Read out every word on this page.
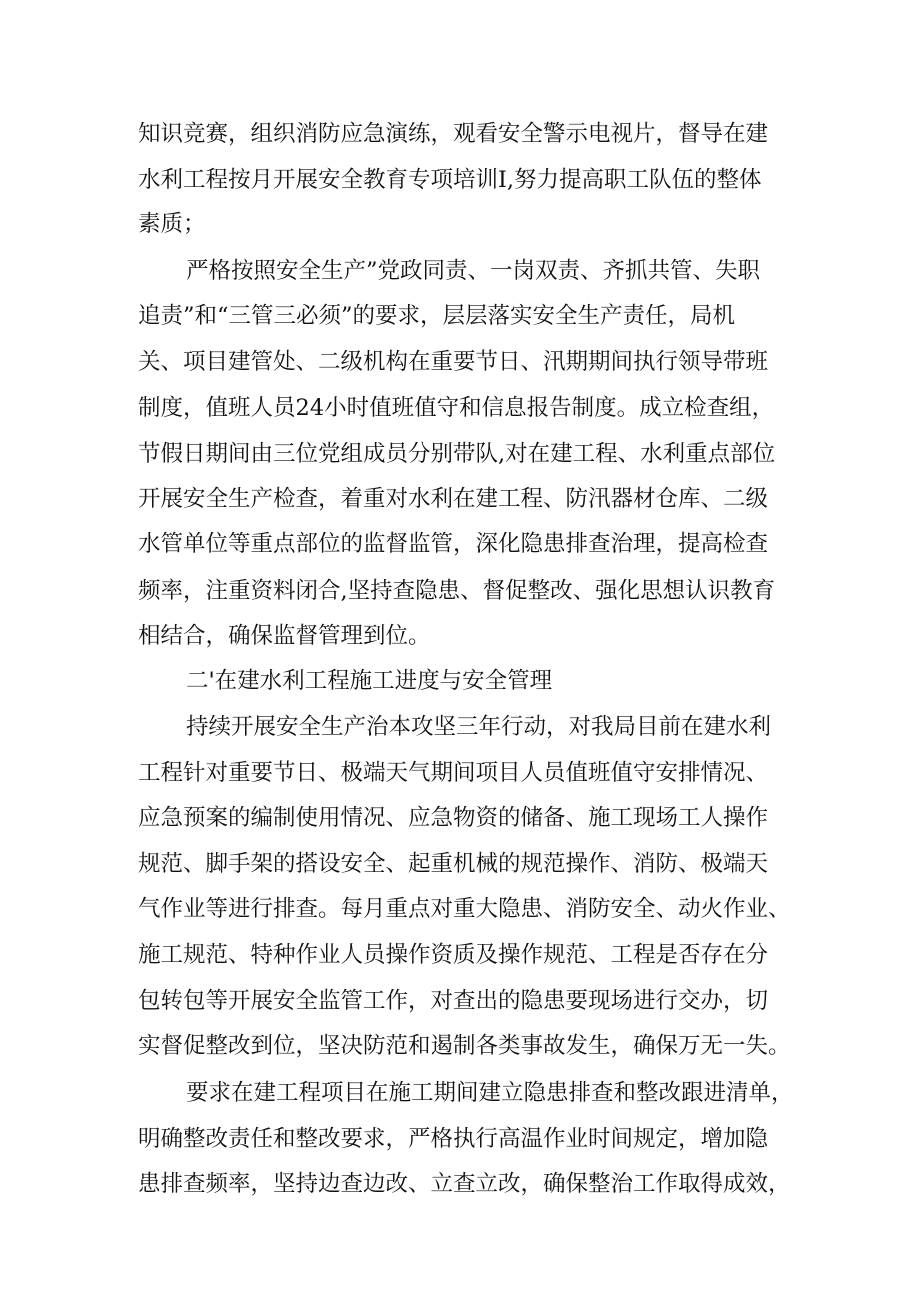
知识竞赛，组织消防应急演练，观看安全警示电视片，督导在建

水利工程按月开展安全教育专项培训I,努力提高职工队伍的整体

素质；

严格按照安全生产”党政同责、一岗双责、齐抓共管、失职

追责”和“三管三必须”的要求，层层落实安全生产责任，局机

关、项目建管处、二级机构在重要节日、汛期期间执行领导带班

制度，值班人员24小时值班值守和信息报告制度。成立检查组，

节假日期间由三位党组成员分别带队,对在建工程、水利重点部位

开展安全生产检查，着重对水利在建工程、防汛器材仓库、二级

水管单位等重点部位的监督监管，深化隐患排查治理，提高检查

频率，注重资料闭合,坚持查隐患、督促整改、强化思想认识教育

相结合，确保监督管理到位。

二'在建水利工程施工进度与安全管理

持续开展安全生产治本攻坚三年行动，对我局目前在建水利

工程针对重要节日、极端天气期间项目人员值班值守安排情况、

应急预案的编制使用情况、应急物资的储备、施工现场工人操作

规范、脚手架的搭设安全、起重机械的规范操作、消防、极端天

气作业等进行排查。每月重点对重大隐患、消防安全、动火作业、

施工规范、特种作业人员操作资质及操作规范、工程是否存在分

包转包等开展安全监管工作，对查出的隐患要现场进行交办，切

实督促整改到位，坚决防范和遏制各类事故发生，确保万无一失。

要求在建工程项目在施工期间建立隐患排查和整改跟进清单，

明确整改责任和整改要求，严格执行高温作业时间规定，增加隐

患排查频率，坚持边查边改、立查立改，确保整治工作取得成效，
